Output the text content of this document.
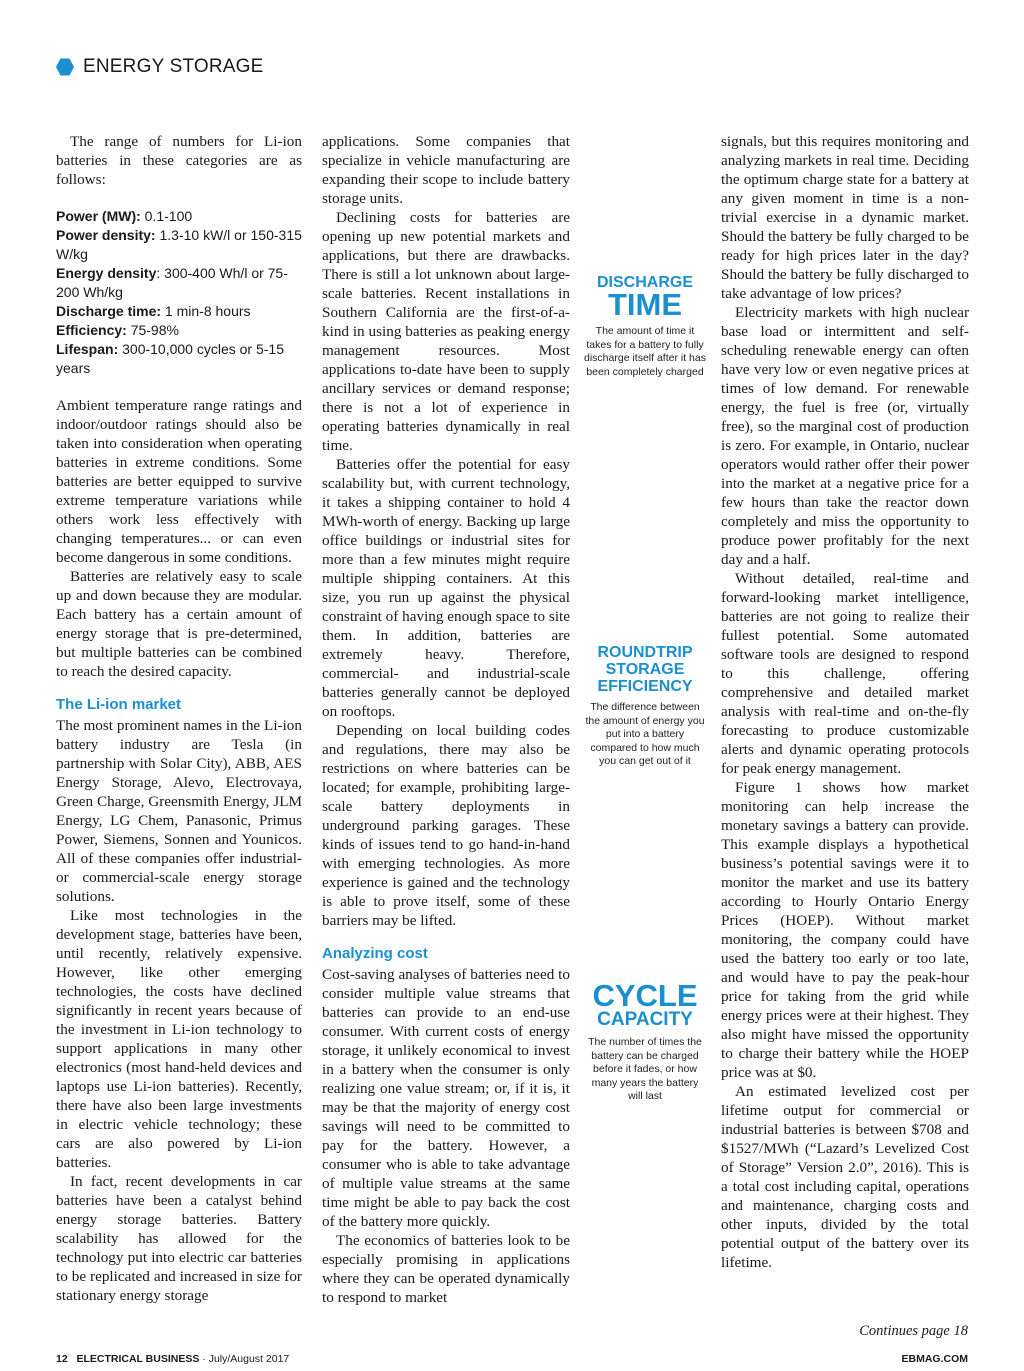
ENERGY STORAGE

The range of numbers for Li-ion batteries in these categories are as follows:

Power (MW): 0.1-100
Power density: 1.3-10 kW/l or 150-315 W/kg
Energy density: 300-400 Wh/l or 75-200 Wh/kg
Discharge time: 1 min-8 hours
Efficiency: 75-98%
Lifespan: 300-10,000 cycles or 5-15 years

Ambient temperature range ratings and indoor/outdoor ratings should also be taken into consideration when operating batteries in extreme conditions. Some batteries are better equipped to survive extreme temperature variations while others work less effectively with changing temperatures... or can even become dangerous in some conditions.

Batteries are relatively easy to scale up and down because they are modular. Each battery has a certain amount of energy storage that is pre-determined, but multiple batteries can be combined to reach the desired capacity.

The Li-ion market

The most prominent names in the Li-ion battery industry are Tesla (in partnership with Solar City), ABB, AES Energy Storage, Alevo, Electrovaya, Green Charge, Greensmith Energy, JLM Energy, LG Chem, Panasonic, Primus Power, Siemens, Sonnen and Younicos. All of these companies offer industrial- or commercial-scale energy storage solutions.

Like most technologies in the development stage, batteries have been, until recently, relatively expensive. However, like other emerging technologies, the costs have declined significantly in recent years because of the investment in Li-ion technology to support applications in many other electronics (most hand-held devices and laptops use Li-ion batteries). Recently, there have also been large investments in electric vehicle technology; these cars are also powered by Li-ion batteries.

In fact, recent developments in car batteries have been a catalyst behind energy storage batteries. Battery scalability has allowed for the technology put into electric car batteries to be replicated and increased in size for stationary energy storage

applications. Some companies that specialize in vehicle manufacturing are expanding their scope to include battery storage units.

Declining costs for batteries are opening up new potential markets and applications, but there are drawbacks. There is still a lot unknown about large-scale batteries. Recent installations in Southern California are the first-of-a-kind in using batteries as peaking energy management resources. Most applications to-date have been to supply ancillary services or demand response; there is not a lot of experience in operating batteries dynamically in real time.

Batteries offer the potential for easy scalability but, with current technology, it takes a shipping container to hold 4 MWh-worth of energy. Backing up large office buildings or industrial sites for more than a few minutes might require multiple shipping containers. At this size, you run up against the physical constraint of having enough space to site them. In addition, batteries are extremely heavy. Therefore, commercial- and industrial-scale batteries generally cannot be deployed on rooftops.

Depending on local building codes and regulations, there may also be restrictions on where batteries can be located; for example, prohibiting large-scale battery deployments in underground parking garages. These kinds of issues tend to go hand-in-hand with emerging technologies. As more experience is gained and the technology is able to prove itself, some of these barriers may be lifted.

Analyzing cost

Cost-saving analyses of batteries need to consider multiple value streams that batteries can provide to an end-use consumer. With current costs of energy storage, it unlikely economical to invest in a battery when the consumer is only realizing one value stream; or, if it is, it may be that the majority of energy cost savings will need to be committed to pay for the battery. However, a consumer who is able to take advantage of multiple value streams at the same time might be able to pay back the cost of the battery more quickly.

The economics of batteries look to be especially promising in applications where they can be operated dynamically to respond to market

DISCHARGE
TIME
The amount of time it takes for a battery to fully discharge itself after it has been completely charged
ROUNDTRIP
STORAGE
EFFICIENCY
The difference between the amount of energy you put into a battery compared to how much you can get out of it
CYCLE
CAPACITY
The number of times the battery can be charged before it fades, or how many years the battery will last

signals, but this requires monitoring and analyzing markets in real time. Deciding the optimum charge state for a battery at any given moment in time is a non-trivial exercise in a dynamic market. Should the battery be fully charged to be ready for high prices later in the day? Should the battery be fully discharged to take advantage of low prices?

Electricity markets with high nuclear base load or intermittent and self-scheduling renewable energy can often have very low or even negative prices at times of low demand. For renewable energy, the fuel is free (or, virtually free), so the marginal cost of production is zero. For example, in Ontario, nuclear operators would rather offer their power into the market at a negative price for a few hours than take the reactor down completely and miss the opportunity to produce power profitably for the next day and a half.

Without detailed, real-time and forward-looking market intelligence, batteries are not going to realize their fullest potential. Some automated software tools are designed to respond to this challenge, offering comprehensive and detailed market analysis with real-time and on-the-fly forecasting to produce customizable alerts and dynamic operating protocols for peak energy management.

Figure 1 shows how market monitoring can help increase the monetary savings a battery can provide. This example displays a hypothetical business’s potential savings were it to monitor the market and use its battery according to Hourly Ontario Energy Prices (HOEP). Without market monitoring, the company could have used the battery too early or too late, and would have to pay the peak-hour price for taking from the grid while energy prices were at their highest. They also might have missed the opportunity to charge their battery while the HOEP price was at $0.

An estimated levelized cost per lifetime output for commercial or industrial batteries is between $708 and $1527/MWh (“Lazard’s Levelized Cost of Storage” Version 2.0”, 2016). This is a total cost including capital, operations and maintenance, charging costs and other inputs, divided by the total potential output of the battery over its lifetime.

Continues page 18
12 ELECTRICAL BUSINESS · July/August 2017	EBMAG.COM
